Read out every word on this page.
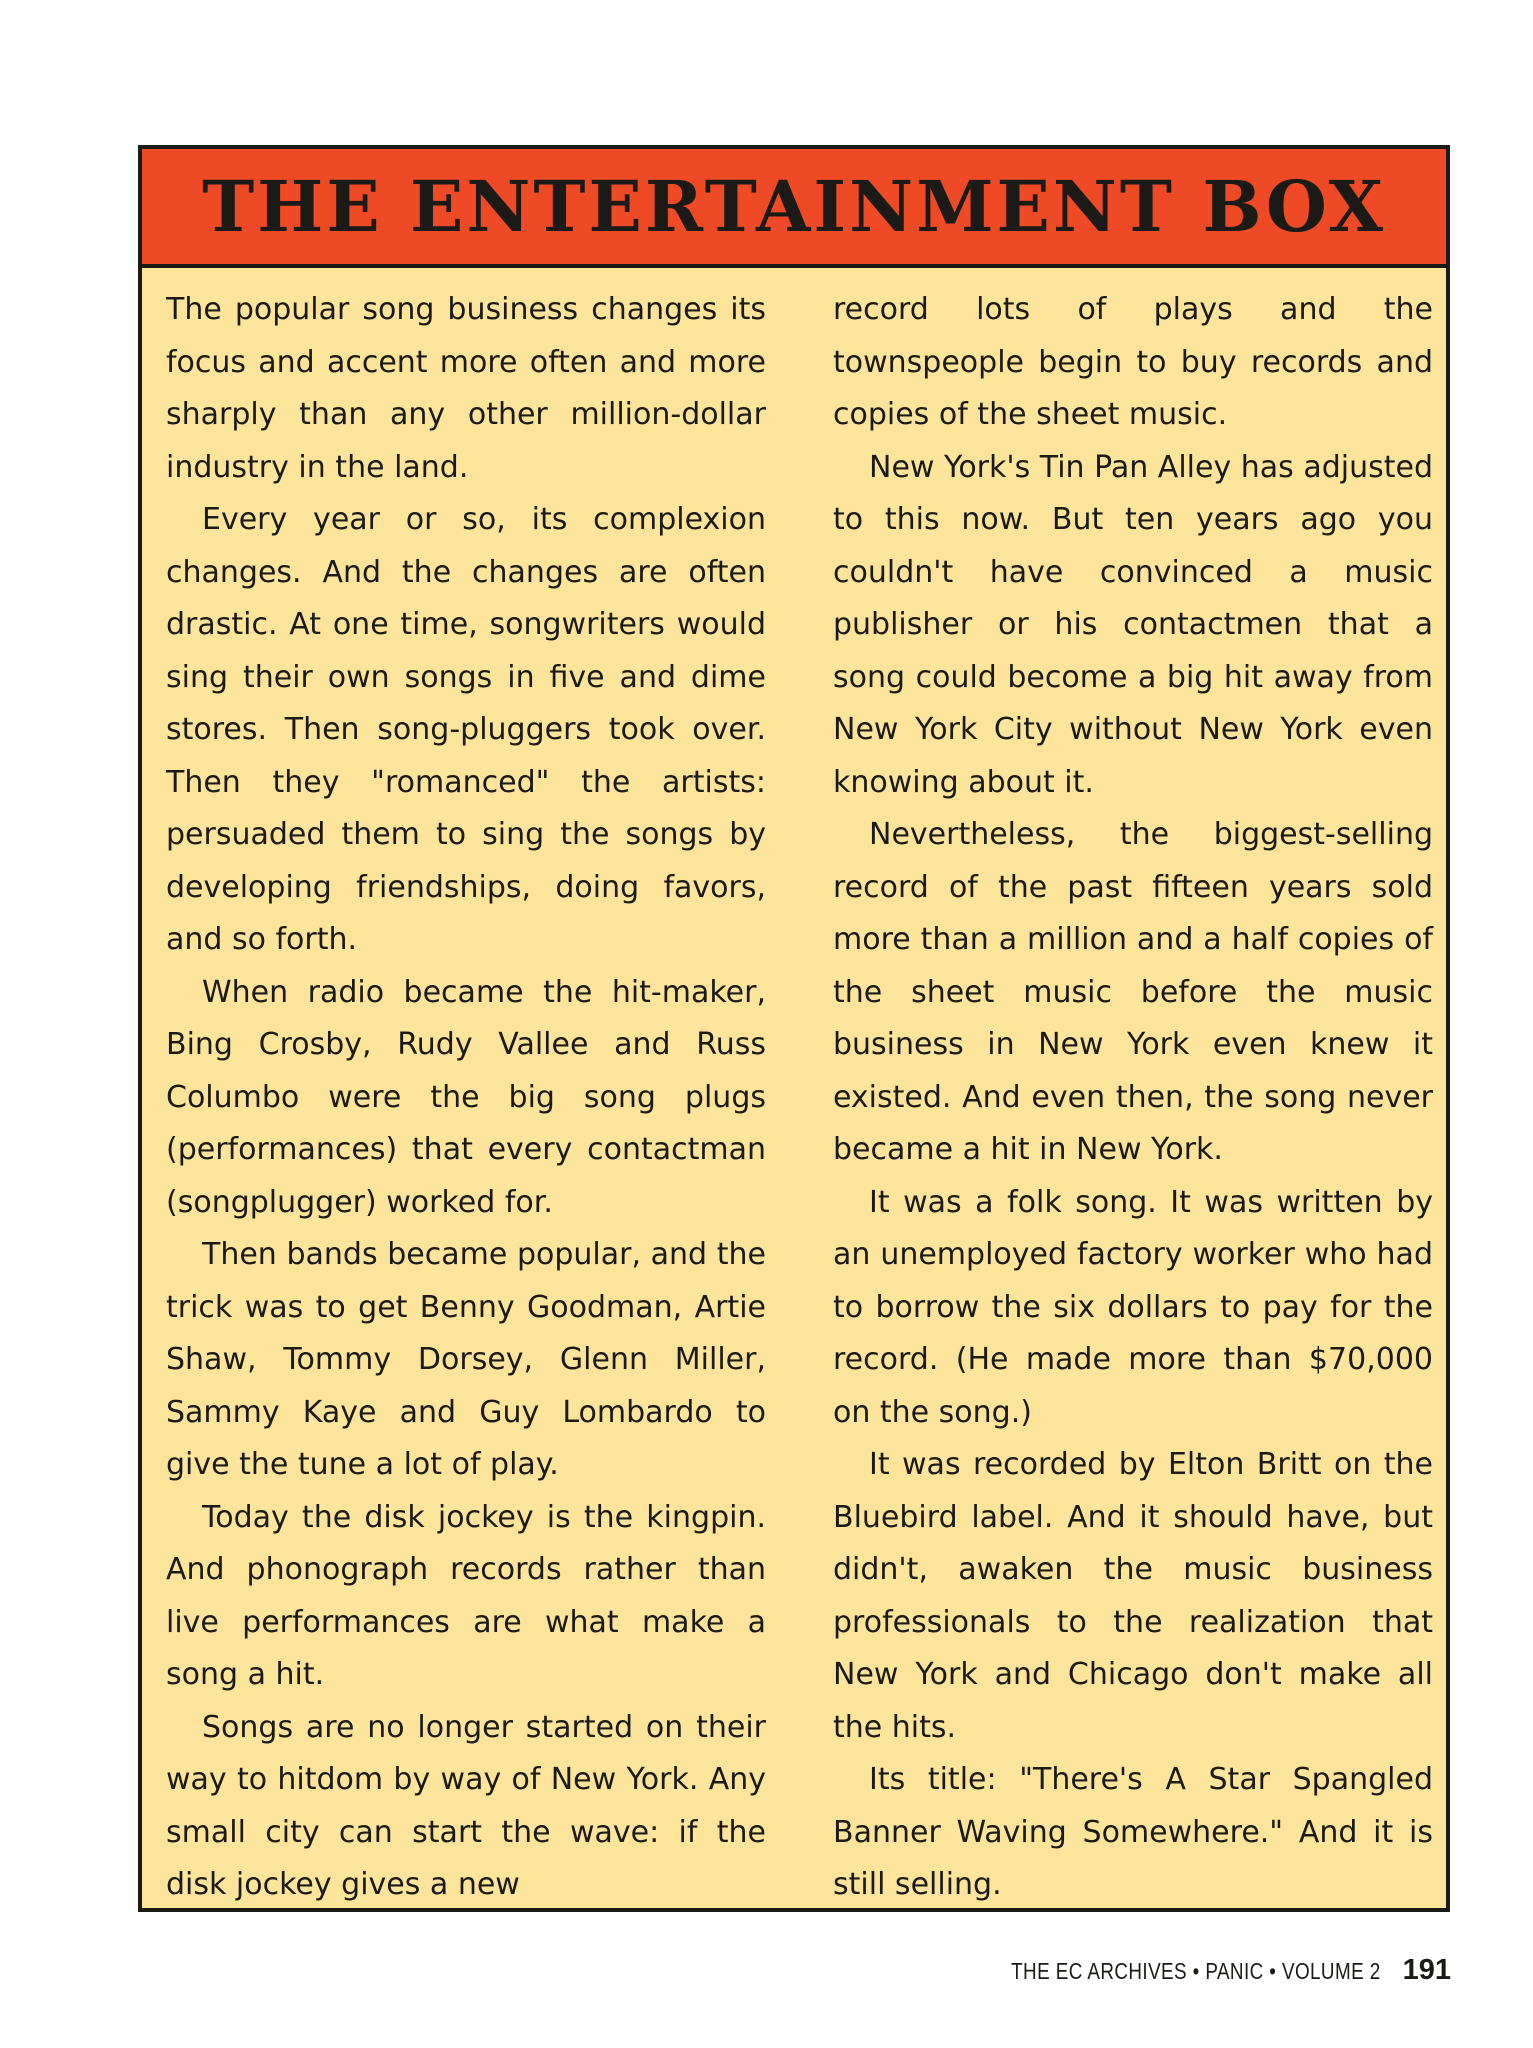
THE ENTERTAINMENT BOX

The popular song business changes its focus and accent more often and more sharply than any other million-dollar industry in the land.

Every year or so, its complexion changes. And the changes are often drastic. At one time, songwriters would sing their own songs in five and dime stores. Then song-pluggers took over. Then they "romanced" the artists: persuaded them to sing the songs by developing friendships, doing favors, and so forth.

When radio became the hit-maker, Bing Crosby, Rudy Vallee and Russ Columbo were the big song plugs (performances) that every contactman (songplugger) worked for.

Then bands became popular, and the trick was to get Benny Goodman, Artie Shaw, Tommy Dorsey, Glenn Miller, Sammy Kaye and Guy Lombardo to give the tune a lot of play.

Today the disk jockey is the kingpin. And phonograph records rather than live performances are what make a song a hit.

Songs are no longer started on their way to hitdom by way of New York. Any small city can start the wave: if the disk jockey gives a new

record lots of plays and the townspeople begin to buy records and copies of the sheet music.

New York's Tin Pan Alley has adjusted to this now. But ten years ago you couldn't have convinced a music publisher or his contactmen that a song could become a big hit away from New York City without New York even knowing about it.

Nevertheless, the biggest-selling record of the past fifteen years sold more than a million and a half copies of the sheet music before the music business in New York even knew it existed. And even then, the song never became a hit in New York.

It was a folk song. It was written by an unemployed factory worker who had to borrow the six dollars to pay for the record. (He made more than $70,000 on the song.)

It was recorded by Elton Britt on the Bluebird label. And it should have, but didn't, awaken the music business professionals to the realization that New York and Chicago don't make all the hits.

Its title: "There's A Star Spangled Banner Waving Somewhere." And it is still selling.

THE EC ARCHIVES • PANIC • VOLUME 2 191
